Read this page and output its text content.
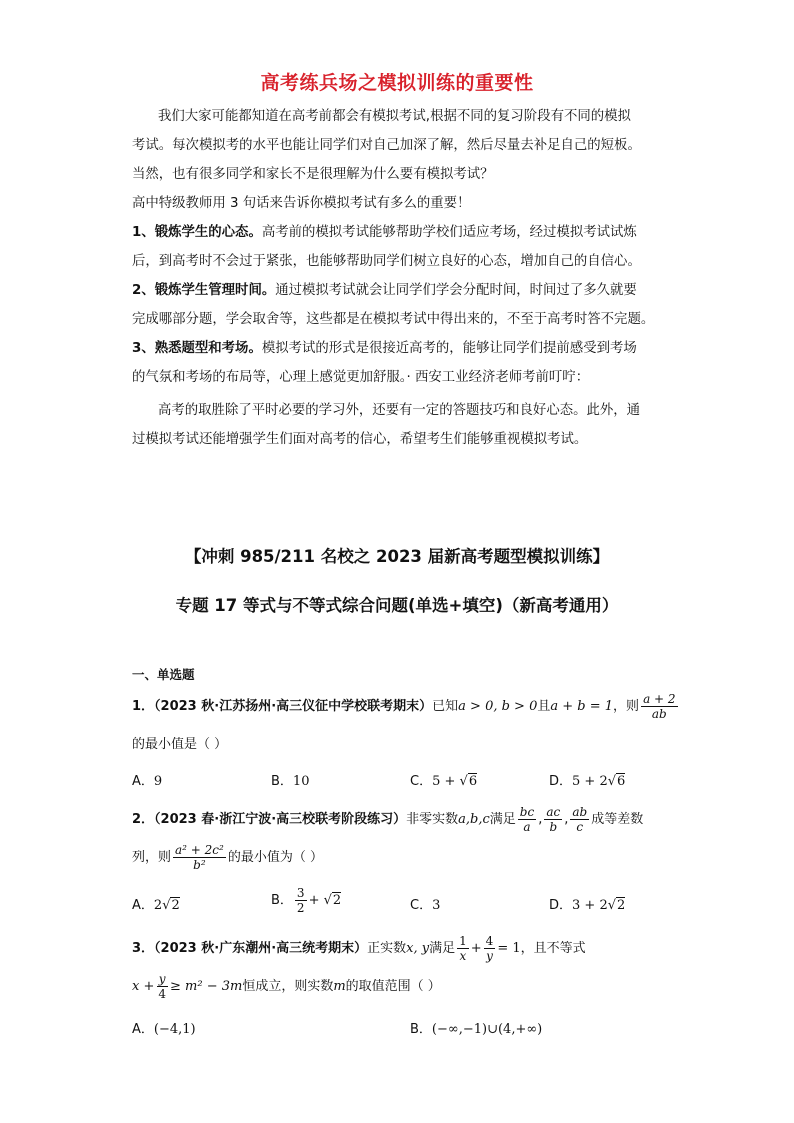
高考练兵场之模拟训练的重要性

我们大家可能都知道在高考前都会有模拟考试,根据不同的复习阶段有不同的模拟

考试。每次模拟考的水平也能让同学们对自己加深了解，然后尽量去补足自己的短板。

当然，也有很多同学和家长不是很理解为什么要有模拟考试？

高中特级教师用 3 句话来告诉你模拟考试有多么的重要！

1、锻炼学生的心态。高考前的模拟考试能够帮助学校们适应考场，经过模拟考试试炼

后，到高考时不会过于紧张，也能够帮助同学们树立良好的心态，增加自己的自信心。

2、锻炼学生管理时间。通过模拟考试就会让同学们学会分配时间，时间过了多久就要

完成哪部分题，学会取舍等，这些都是在模拟考试中得出来的，不至于高考时答不完题。

3、熟悉题型和考场。模拟考试的形式是很接近高考的，能够让同学们提前感受到考场

的气氛和考场的布局等，心理上感觉更加舒服。· 西安工业经济老师考前叮咛：

高考的取胜除了平时必要的学习外，还要有一定的答题技巧和良好心态。此外，通

过模拟考试还能增强学生们面对高考的信心，希望考生们能够重视模拟考试。

【冲刺 985/211 名校之 2023 届新高考题型模拟训练】
专题 17 等式与不等式综合问题(单选+填空)（新高考通用）
一、单选题
1．（2023 秋·江苏扬州·高三仪征中学校联考期末）已知a > 0, b > 0且a + b = 1，则 $\frac{a + 2}{ab}$
的最小值是（ ）
A．9	B．10	C．5 + √6	D．5 + 2√6
2．（2023 春·浙江宁波·高三校联考阶段练习）非零实数a,b,c满足 $\frac{bc}{a}$ , $\frac{ac}{b}$ , $\frac{ab}{c}$ 成等差数
列，则 $\frac{\text{a² + 2c²}}{\text{b²}}$ 的最小值为（ ）
A．2√2	B． $\frac{3}{2} + √2$	C．3	D．3 + 2√2
3．（2023 秋·广东潮州·高三统考期末）正实数x, y满足 $\frac{1}{x} + \frac{4}{y} = 1$，且不等式
$x + \frac{y}{4} \ge m^2 - 3m$恒成立，则实数m的取值范围（ ）
A．(−4,1)	B．(−∞,−1)∪(4,+∞)
